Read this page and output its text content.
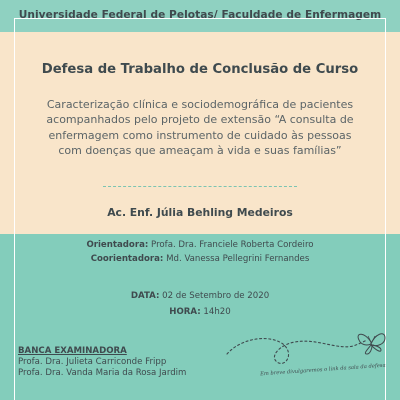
Universidade Federal de Pelotas/ Faculdade de Enfermagem
Defesa de Trabalho de Conclusão de Curso
Caracterização clínica e sociodemográfica de pacientes
acompanhados pelo projeto de extensão “A consulta de
enfermagem como instrumento de cuidado às pessoas
com doenças que ameaçam à vida e suas famílias”
Ac. Enf. Júlia Behling Medeiros
Orientadora: Profa. Dra. Franciele Roberta Cordeiro
Coorientadora: Md. Vanessa Pellegrini Fernandes
DATA: 02 de Setembro de 2020
HORA: 14h20
BANCA EXAMINADORA
Profa. Dra. Julieta Carriconde Fripp
Profa. Dra. Vanda Maria da Rosa Jardim	Em breve divulgaremos o link da sala da defesa
